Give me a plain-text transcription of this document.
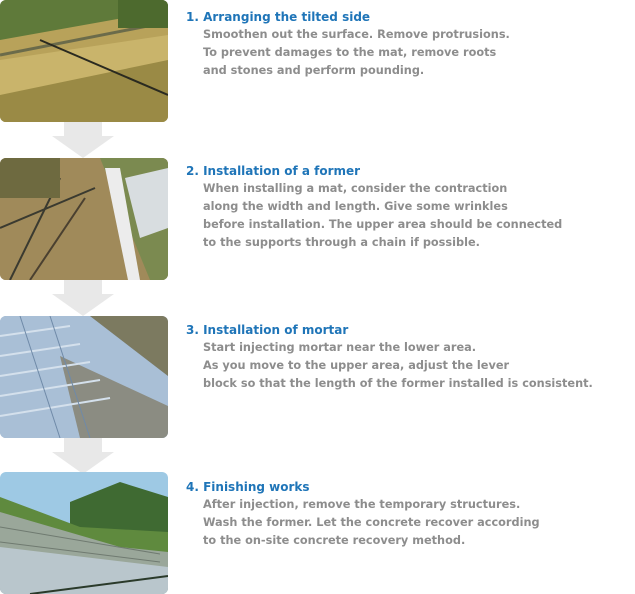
1. Arranging the tilted side

Smoothen out the surface. Remove protrusions.

To prevent damages to the mat, remove roots

and stones and perform pounding.

2. Installation of a former

When installing a mat, consider the contraction

along the width and length. Give some wrinkles

before installation. The upper area should be connected

to the supports through a chain if possible.

3. Installation of mortar

Start injecting mortar near the lower area.

As you move to the upper area, adjust the lever

block so that the length of the former installed is consistent.

4. Finishing works

After injection, remove the temporary structures.

Wash the former. Let the concrete recover according

to the on-site concrete recovery method.
